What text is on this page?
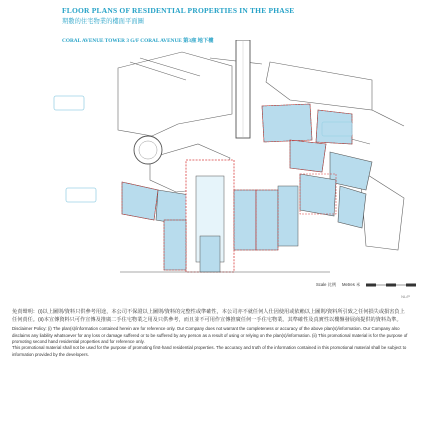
FLOOR PLANS OF RESIDENTIAL PROPERTIES IN THE PHASE
期數的住宅物業的樓面平面圖
CORAL AVENUE TOWER 3 G/F CORAL AVENUE 第3座 地下樓
Scale 比例 Metres 米
NL/P

免責聲明：(i)以上圖則/資料只供參考用途，本公司不保證以上圖則/資料的完整性或準確性，本公司亦不就任何人仕因使用或依賴以上圖則/資料所引致之任何損失或損害負上任何責任。(ii)本宣傳資料只可作宣傳及推廣二手住宅物業之用及只供參考，而且並不可用作宣傳推廣任何一手住宅物業。其準確性及真實性以樓盤發展商提供的資料為準。

Disclaimer Policy: (i) The plan(s)/information contained herein are for reference only. Our Company does not warrant the completeness or accuracy of the above plan(s)/information. Our Company also disclaims any liability whatsoever for any loss or damage suffered or to be suffered by any person as a result of using or relying on the plan(s)/information. (ii) This promotional material is for the purpose of promoting second hand residential properties and for reference only.

This promotional material shall not be used for the purpose of promoting first-hand residential properties. The accuracy and truth of the information contained in this promotional material shall be subject to information provided by the developers.
